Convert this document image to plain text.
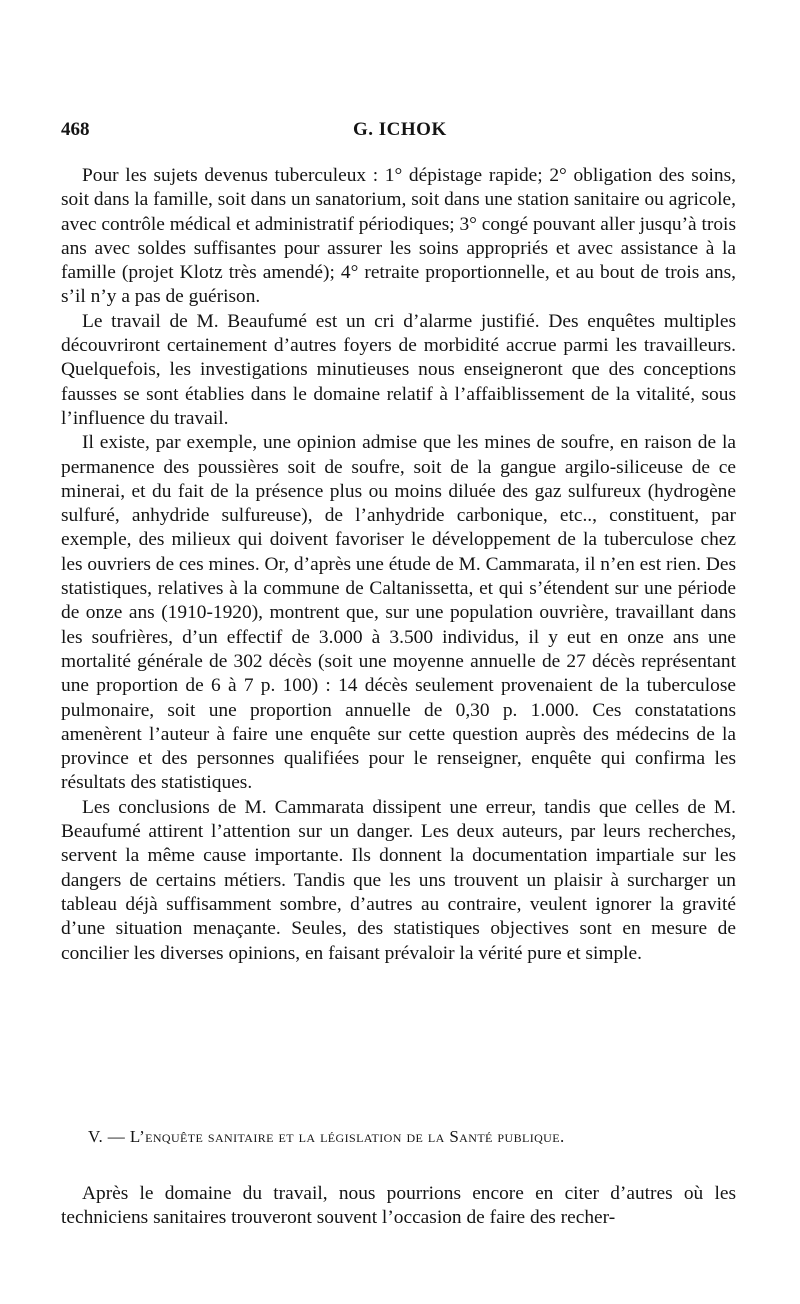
468	G. ICHOK

Pour les sujets devenus tuberculeux : 1° dépistage rapide; 2° obligation des soins, soit dans la famille, soit dans un sanatorium, soit dans une station sanitaire ou agricole, avec contrôle médical et administratif périodiques; 3° congé pouvant aller jusqu’à trois ans avec soldes suffisantes pour assurer les soins appropriés et avec assistance à la famille (projet Klotz très amendé); 4° retraite proportionnelle, et au bout de trois ans, s’il n’y a pas de guérison.

Le travail de M. Beaufumé est un cri d’alarme justifié. Des enquêtes multiples découvriront certainement d’autres foyers de morbidité accrue parmi les travailleurs. Quelquefois, les investigations minutieuses nous enseigneront que des conceptions fausses se sont établies dans le domaine relatif à l’affaiblissement de la vitalité, sous l’influence du travail.

Il existe, par exemple, une opinion admise que les mines de soufre, en raison de la permanence des poussières soit de soufre, soit de la gangue argilo-siliceuse de ce minerai, et du fait de la présence plus ou moins diluée des gaz sulfureux (hydrogène sulfuré, anhydride sulfureuse), de l’anhydride carbonique, etc.., constituent, par exemple, des milieux qui doivent favoriser le développement de la tuberculose chez les ouvriers de ces mines. Or, d’après une étude de M. Cammarata, il n’en est rien. Des statistiques, relatives à la commune de Caltanissetta, et qui s’étendent sur une période de onze ans (1910-1920), montrent que, sur une population ouvrière, travaillant dans les soufrières, d’un effectif de 3.000 à 3.500 individus, il y eut en onze ans une mortalité générale de 302 décès (soit une moyenne annuelle de 27 décès représentant une proportion de 6 à 7 p. 100) : 14 décès seulement provenaient de la tuberculose pulmonaire, soit une proportion annuelle de 0,30 p. 1.000. Ces constatations amenèrent l’auteur à faire une enquête sur cette question auprès des médecins de la province et des personnes qualifiées pour le renseigner, enquête qui confirma les résultats des statistiques.

Les conclusions de M. Cammarata dissipent une erreur, tandis que celles de M. Beaufumé attirent l’attention sur un danger. Les deux auteurs, par leurs recherches, servent la même cause importante. Ils donnent la documentation impartiale sur les dangers de certains métiers. Tandis que les uns trouvent un plaisir à surcharger un tableau déjà suffisamment sombre, d’autres au contraire, veulent ignorer la gravité d’une situation menaçante. Seules, des statistiques objectives sont en mesure de concilier les diverses opinions, en faisant prévaloir la vérité pure et simple.

V. — L’enquête sanitaire et la législation de la Santé publique.

Après le domaine du travail, nous pourrions encore en citer d’autres où les techniciens sanitaires trouveront souvent l’occasion de faire des recher-
